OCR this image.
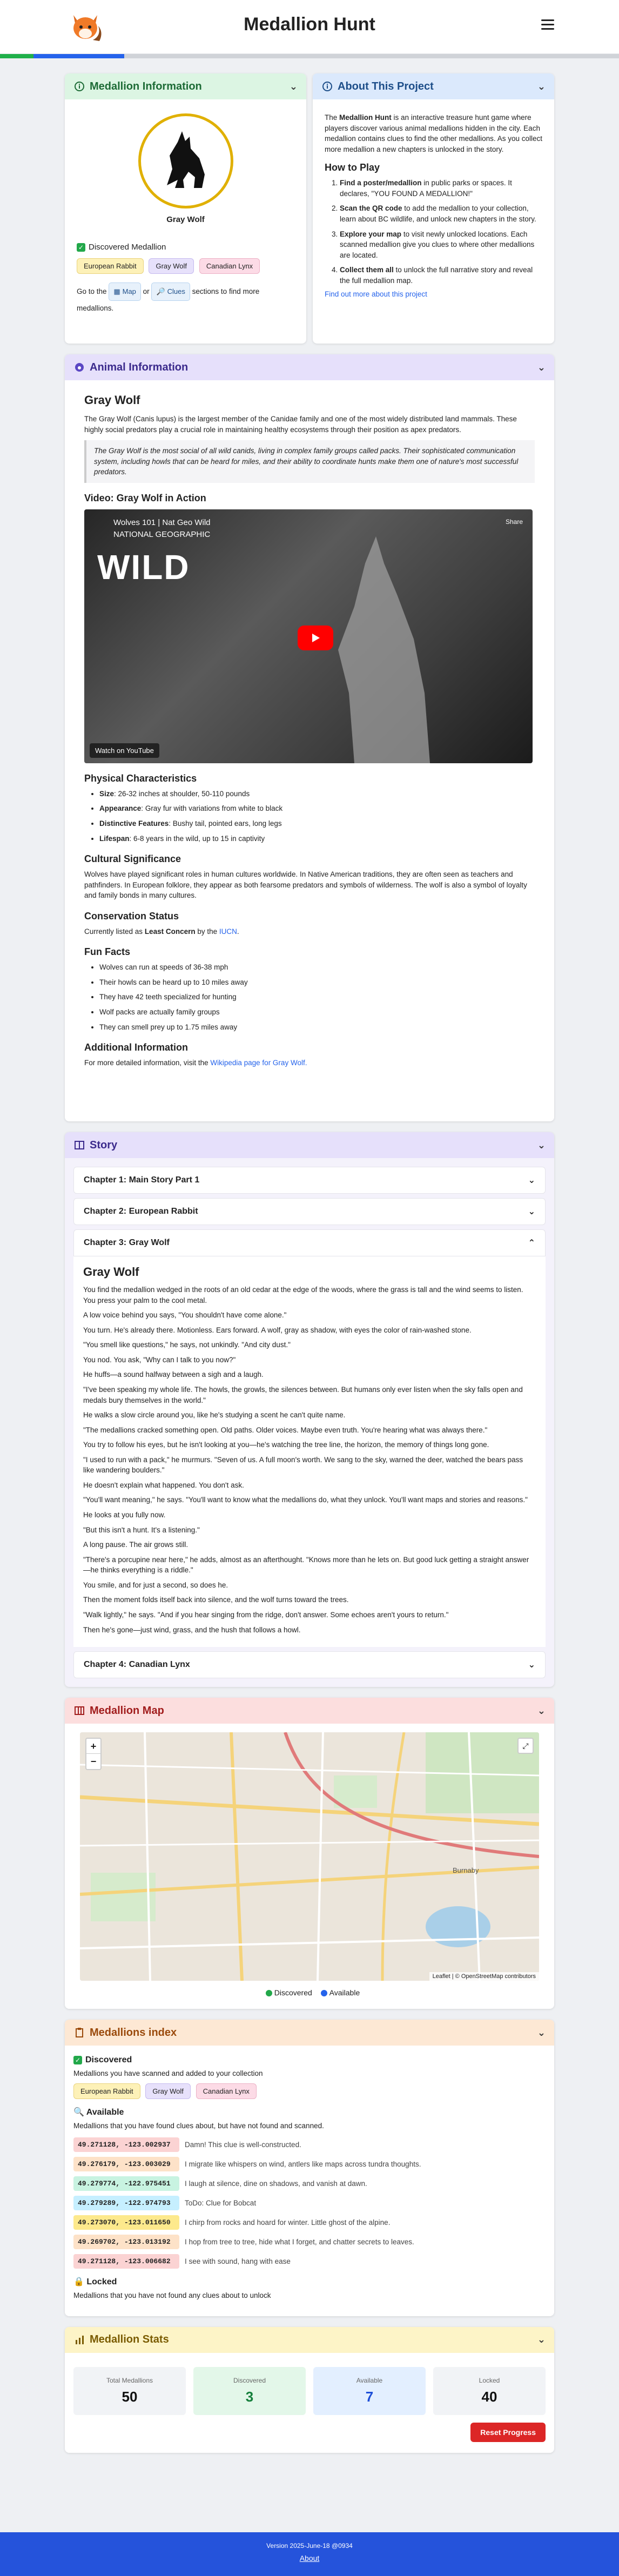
Medallion Hunt
Medallion Information	⌄
Gray Wolf
✓ Discovered Medallion
European Rabbit	Gray Wolf	Canadian Lynx
Go to the ▦ Map or 🔎 Clues sections to find more medallions.
About This Project	⌄

The Medallion Hunt is an interactive treasure hunt game where players discover various animal medallions hidden in the city. Each medallion contains clues to find the other medallions. As you collect more medallion a new chapters is unlocked in the story.

How to Play
1. Find a poster/medallion in public parks or spaces. It declares, "YOU FOUND A MEDALLION!"
2. Scan the QR code to add the medallion to your collection, learn about BC wildlife, and unlock new chapters in the story.
3. Explore your map to visit newly unlocked locations. Each scanned medallion give you clues to where other medallions are located.
4. Collect them all to unlock the full narrative story and reveal the full medallion map.
Find out more about this project
Animal Information	⌄
Gray Wolf

The Gray Wolf (Canis lupus) is the largest member of the Canidae family and one of the most widely distributed land mammals. These highly social predators play a crucial role in maintaining healthy ecosystems through their position as apex predators.

The Gray Wolf is the most social of all wild canids, living in complex family groups called packs. Their sophisticated communication system, including howls that can be heard for miles, and their ability to coordinate hunts make them one of nature's most successful predators.
Video: Gray Wolf in Action
Wolves 101 | Nat Geo Wild
NATIONAL GEOGRAPHIC
WILD
Share
Watch on YouTube
Physical Characteristics
• Size: 26-32 inches at shoulder, 50-110 pounds
• Appearance: Gray fur with variations from white to black
• Distinctive Features: Bushy tail, pointed ears, long legs
• Lifespan: 6-8 years in the wild, up to 15 in captivity
Cultural Significance

Wolves have played significant roles in human cultures worldwide. In Native American traditions, they are often seen as teachers and pathfinders. In European folklore, they appear as both fearsome predators and symbols of wilderness. The wolf is also a symbol of loyalty and family bonds in many cultures.

Conservation Status

Currently listed as Least Concern by the IUCN.

Fun Facts
• Wolves can run at speeds of 36-38 mph
• Their howls can be heard up to 10 miles away
• They have 42 teeth specialized for hunting
• Wolf packs are actually family groups
• They can smell prey up to 1.75 miles away
Additional Information

For more detailed information, visit the Wikipedia page for Gray Wolf.

Story	⌄
Chapter 1: Main Story Part 1	⌄
Chapter 2: European Rabbit	⌄
Chapter 3: Gray Wolf	⌃
Gray Wolf

You find the medallion wedged in the roots of an old cedar at the edge of the woods, where the grass is tall and the wind seems to listen. You press your palm to the cool metal.

A low voice behind you says, "You shouldn't have come alone."

You turn. He's already there. Motionless. Ears forward. A wolf, gray as shadow, with eyes the color of rain-washed stone.

"You smell like questions," he says, not unkindly. "And city dust."

You nod. You ask, "Why can I talk to you now?"

He huffs—a sound halfway between a sigh and a laugh.

"I've been speaking my whole life. The howls, the growls, the silences between. But humans only ever listen when the sky falls open and medals bury themselves in the world."

He walks a slow circle around you, like he's studying a scent he can't quite name.

"The medallions cracked something open. Old paths. Older voices. Maybe even truth. You're hearing what was always there."

You try to follow his eyes, but he isn't looking at you—he's watching the tree line, the horizon, the memory of things long gone.

"I used to run with a pack," he murmurs. "Seven of us. A full moon's worth. We sang to the sky, warned the deer, watched the bears pass like wandering boulders."

He doesn't explain what happened. You don't ask.

"You'll want meaning," he says. "You'll want to know what the medallions do, what they unlock. You'll want maps and stories and reasons."

He looks at you fully now.

"But this isn't a hunt. It's a listening."

A long pause. The air grows still.

"There's a porcupine near here," he adds, almost as an afterthought. "Knows more than he lets on. But good luck getting a straight answer—he thinks everything is a riddle."

You smile, and for just a second, so does he.

Then the moment folds itself back into silence, and the wolf turns toward the trees.

"Walk lightly," he says. "And if you hear singing from the ridge, don't answer. Some echoes aren't yours to return."

Then he's gone—just wind, grass, and the hush that follows a howl.

Chapter 4: Canadian Lynx	⌄
Medallion Map	⌄
Burnaby
+
−
⤢
Leaflet | © OpenStreetMap contributors
Discovered Available
Medallions index	⌄
✓ Discovered

Medallions you have scanned and added to your collection

European Rabbit	Gray Wolf	Canadian Lynx
🔍 Available

Medallions that you have found clues about, but have not found and scanned.

49.271128, -123.002937	Damn! This clue is well-constructed.
49.276179, -123.003029	I migrate like whispers on wind, antlers like maps across tundra thoughts.
49.279774, -122.975451	I laugh at silence, dine on shadows, and vanish at dawn.
49.279289, -122.974793	ToDo: Clue for Bobcat
49.273070, -123.011650	I chirp from rocks and hoard for winter. Little ghost of the alpine.
49.269702, -123.013192	I hop from tree to tree, hide what I forget, and chatter secrets to leaves.
49.271128, -123.006682	I see with sound, hang with ease
🔒 Locked

Medallions that you have not found any clues about to unlock

Medallion Stats	⌄
Total Medallions
50
Discovered
3
Available
7
Locked
40
Reset Progress
Version 2025-June-18 @0934
About
